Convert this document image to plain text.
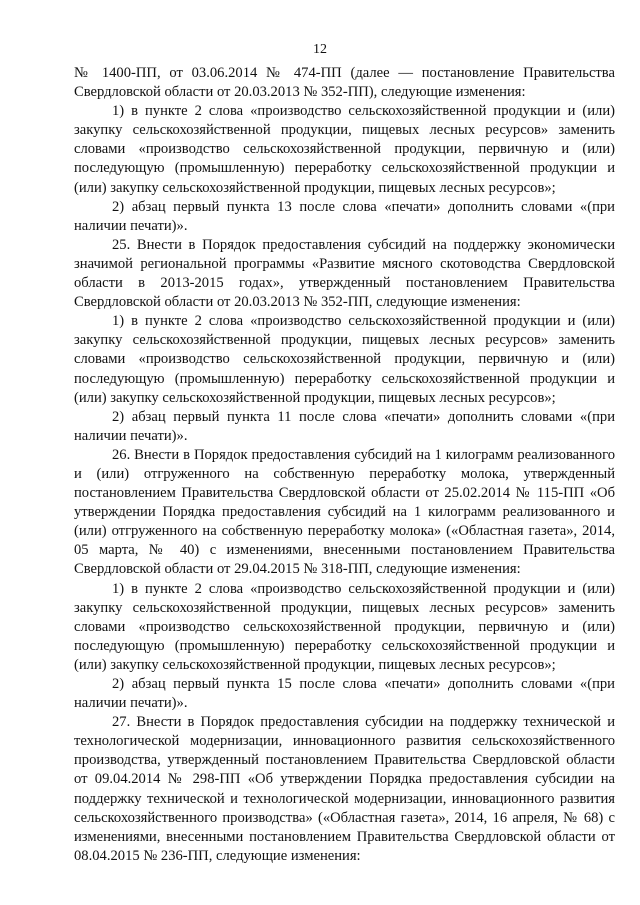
12

№ 1400-ПП, от 03.06.2014 № 474-ПП (далее — постановление Правительства Свердловской области от 20.03.2013 № 352-ПП), следующие изменения:

1) в пункте 2 слова «производство сельскохозяйственной продукции и (или) закупку сельскохозяйственной продукции, пищевых лесных ресурсов» заменить словами «производство сельскохозяйственной продукции, первичную и (или) последующую (промышленную) переработку сельскохозяйственной продукции и (или) закупку сельскохозяйственной продукции, пищевых лесных ресурсов»;

2) абзац первый пункта 13 после слова «печати» дополнить словами «(при наличии печати)».

25. Внести в Порядок предоставления субсидий на поддержку экономически значимой региональной программы «Развитие мясного скотоводства Свердловской области в 2013-2015 годах», утвержденный постановлением Правительства Свердловской области от 20.03.2013 № 352-ПП, следующие изменения:

1) в пункте 2 слова «производство сельскохозяйственной продукции и (или) закупку сельскохозяйственной продукции, пищевых лесных ресурсов» заменить словами «производство сельскохозяйственной продукции, первичную и (или) последующую (промышленную) переработку сельскохозяйственной продукции и (или) закупку сельскохозяйственной продукции, пищевых лесных ресурсов»;

2) абзац первый пункта 11 после слова «печати» дополнить словами «(при наличии печати)».

26. Внести в Порядок предоставления субсидий на 1 килограмм реализованного и (или) отгруженного на собственную переработку молока, утвержденный постановлением Правительства Свердловской области от 25.02.2014 № 115-ПП «Об утверждении Порядка предоставления субсидий на 1 килограмм реализованного и (или) отгруженного на собственную переработку молока» («Областная газета», 2014, 05 марта, № 40) с изменениями, внесенными постановлением Правительства Свердловской области от 29.04.2015 № 318-ПП, следующие изменения:

1) в пункте 2 слова «производство сельскохозяйственной продукции и (или) закупку сельскохозяйственной продукции, пищевых лесных ресурсов» заменить словами «производство сельскохозяйственной продукции, первичную и (или) последующую (промышленную) переработку сельскохозяйственной продукции и (или) закупку сельскохозяйственной продукции, пищевых лесных ресурсов»;

2) абзац первый пункта 15 после слова «печати» дополнить словами «(при наличии печати)».

27. Внести в Порядок предоставления субсидии на поддержку технической и технологической модернизации, инновационного развития сельскохозяйственного производства, утвержденный постановлением Правительства Свердловской области от 09.04.2014 № 298-ПП «Об утверждении Порядка предоставления субсидии на поддержку технической и технологической модернизации, инновационного развития сельскохозяйственного производства» («Областная газета», 2014, 16 апреля, № 68) с изменениями, внесенными постановлением Правительства Свердловской области от 08.04.2015 № 236-ПП, следующие изменения:
